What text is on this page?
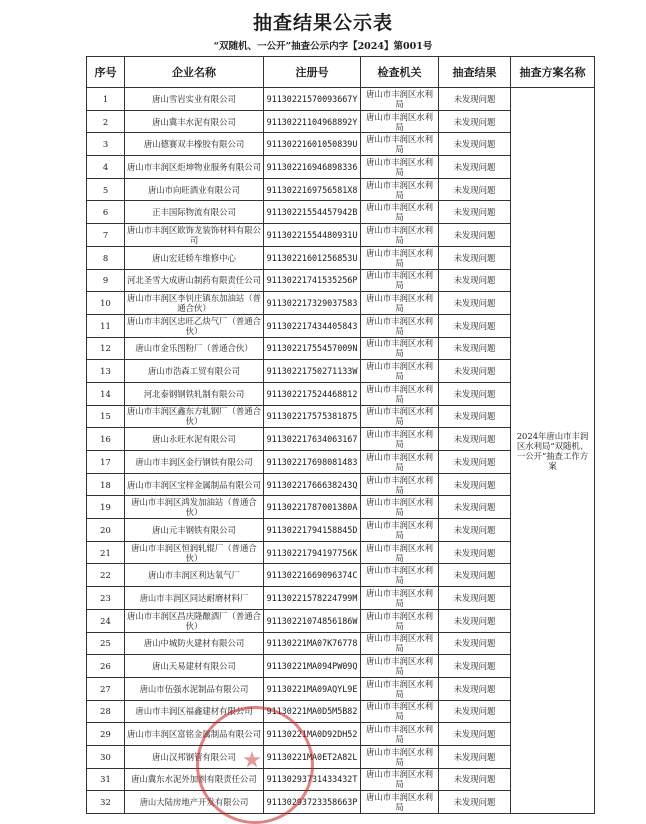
抽查结果公示表
“双随机、一公开”抽查公示内字【2024】第001号
序号	企业名称	注册号	检查机关	抽查结果	抽查方案名称
1	唐山雪岩实业有限公司	91130221570093667Y	唐山市丰润区水利局	未发现问题	2024年唐山市丰润区水利局“双随机、一公开”抽查工作方案
2	唐山冀丰水泥有限公司	91130221104968892Y	唐山市丰润区水利局	未发现问题	
3	唐山德赛双丰橡胶有限公司	91130221601050839U	唐山市丰润区水利局	未发现问题	
4	唐山市丰润区炬坤物业服务有限公司	911302216946898336	唐山市丰润区水利局	未发现问题	
5	唐山市向旺酒业有限公司	9113022169756581X8	唐山市丰润区水利局	未发现问题	
6	正丰国际物流有限公司	91130221554457942B	唐山市丰润区水利局	未发现问题	
7	唐山市丰润区欧饰龙装饰材料有限公司	91130221554480931U	唐山市丰润区水利局	未发现问题	
8	唐山宏廷轿车维修中心	91130221601256853U	唐山市丰润区水利局	未发现问题	
9	河北圣雪大成唐山制药有限责任公司	91130221741535256P	唐山市丰润区水利局	未发现问题	
10	唐山市丰润区李钊庄镇东加油站（普通合伙）	911302217329037583	唐山市丰润区水利局	未发现问题	
11	唐山市丰润区忠旺乙炔气厂（普通合伙）	911302217434405843	唐山市丰润区水利局	未发现问题	
12	唐山市金乐图粉厂（普通合伙）	91130221755457009N	唐山市丰润区水利局	未发现问题	
13	唐山市浩森工贸有限公司	91130221750271133W	唐山市丰润区水利局	未发现问题	
14	河北泰钢钢铁轧制有限公司	911302217524468812	唐山市丰润区水利局	未发现问题	
15	唐山市丰润区鑫东方轧钢厂（普通合伙）	911302217575381875	唐山市丰润区水利局	未发现问题	
16	唐山永旺水泥有限公司	911302217634063167	唐山市丰润区水利局	未发现问题	
17	唐山市丰润区金行钢铁有限公司	911302217698081483	唐山市丰润区水利局	未发现问题	
18	唐山市丰润区宝梓金属制品有限公司	91130221766638243Q	唐山市丰润区水利局	未发现问题	
19	唐山市丰润区鸿发加油站（普通合伙）	91130221787001380A	唐山市丰润区水利局	未发现问题	
20	唐山元丰钢铁有限公司	91130221794158845D	唐山市丰润区水利局	未发现问题	
21	唐山市丰润区恒润轧辊厂（普通合伙）	91130221794197756K	唐山市丰润区水利局	未发现问题	
22	唐山市丰润区利达氧气厂	91130221669096374C	唐山市丰润区水利局	未发现问题	
23	唐山市丰润区同达耐磨材料厂	91130221578224799M	唐山市丰润区水利局	未发现问题	
24	唐山市丰润区昌庆隆酿酒厂（普通合伙）	91130221074856186W	唐山市丰润区水利局	未发现问题	
25	唐山中城防火建材有限公司	91130221MA07K76778	唐山市丰润区水利局	未发现问题	
26	唐山天易建材有限公司	91130221MA094PW09Q	唐山市丰润区水利局	未发现问题	
27	唐山市伍强水泥制品有限公司	91130221MA09AQYL9E	唐山市丰润区水利局	未发现问题	
28	唐山市丰润区福鑫建材有限公司	91130221MA0D5M5B82	唐山市丰润区水利局	未发现问题	
29	唐山市丰润区富铭金属制品有限公司	91130221MA0D92DH52	唐山市丰润区水利局	未发现问题	
30	唐山汉邦钢管有限公司	91130221MA0ET2A82L	唐山市丰润区水利局	未发现问题	
31	唐山冀东水泥外加剂有限责任公司	91130293731433432T	唐山市丰润区水利局	未发现问题	
32	唐山大陆房地产开发有限公司	91130293723358663P	唐山市丰润区水利局	未发现问题	
